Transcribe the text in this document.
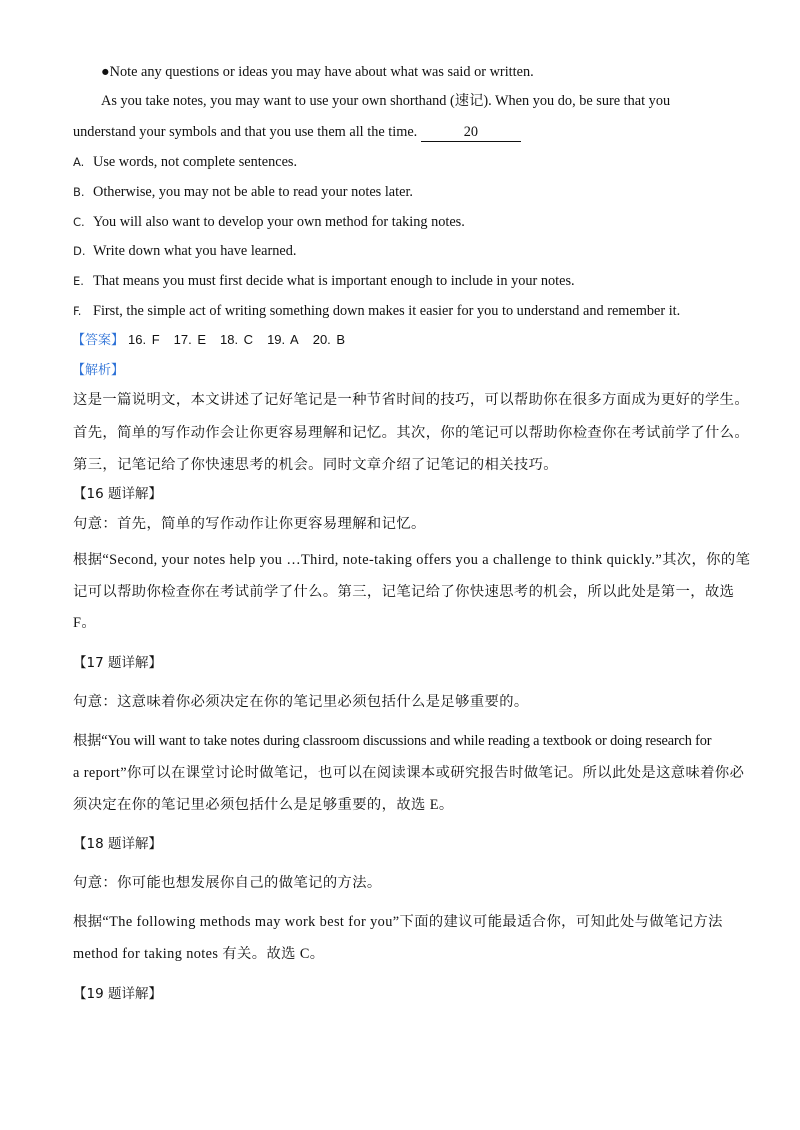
●Note any questions or ideas you may have about what was said or written.
As you take notes, you may want to use your own shorthand (速记). When you do, be sure that you
understand your symbols and that you use them all the time.	20
A. Use words, not complete sentences.
B. Otherwise, you may not be able to read your notes later.
C. You will also want to develop your own method for taking notes.
D. Write down what you have learned.
E. That means you must first decide what is important enough to include in your notes.
F. First, the simple act of writing something down makes it easier for you to understand and remember it.
【答案】 16. F 17. E 18. C 19. A 20. B
【解析】
这是一篇说明文，本文讲述了记好笔记是一种节省时间的技巧，可以帮助你在很多方面成为更好的学生。
首先，简单的写作动作会让你更容易理解和记忆。其次，你的笔记可以帮助你检查你在考试前学了什么。
第三，记笔记给了你快速思考的机会。同时文章介绍了记笔记的相关技巧。
【16 题详解】
句意：首先，简单的写作动作让你更容易理解和记忆。
根据“Second, your notes help you …Third, note-taking offers you a challenge to think quickly.”其次，你的笔
记可以帮助你检查你在考试前学了什么。第三，记笔记给了你快速思考的机会，所以此处是第一，故选
F。
【17 题详解】
句意：这意味着你必须决定在你的笔记里必须包括什么是足够重要的。
根据“You will want to take notes during classroom discussions and while reading a textbook or doing research for
a report”你可以在课堂讨论时做笔记，也可以在阅读课本或研究报告时做笔记。所以此处是这意味着你必
须决定在你的笔记里必须包括什么是足够重要的，故选 E。
【18 题详解】
句意：你可能也想发展你自己的做笔记的方法。
根据“The following methods may work best for you”下面的建议可能最适合你，可知此处与做笔记方法
method for taking notes 有关。故选 C。
【19 题详解】
